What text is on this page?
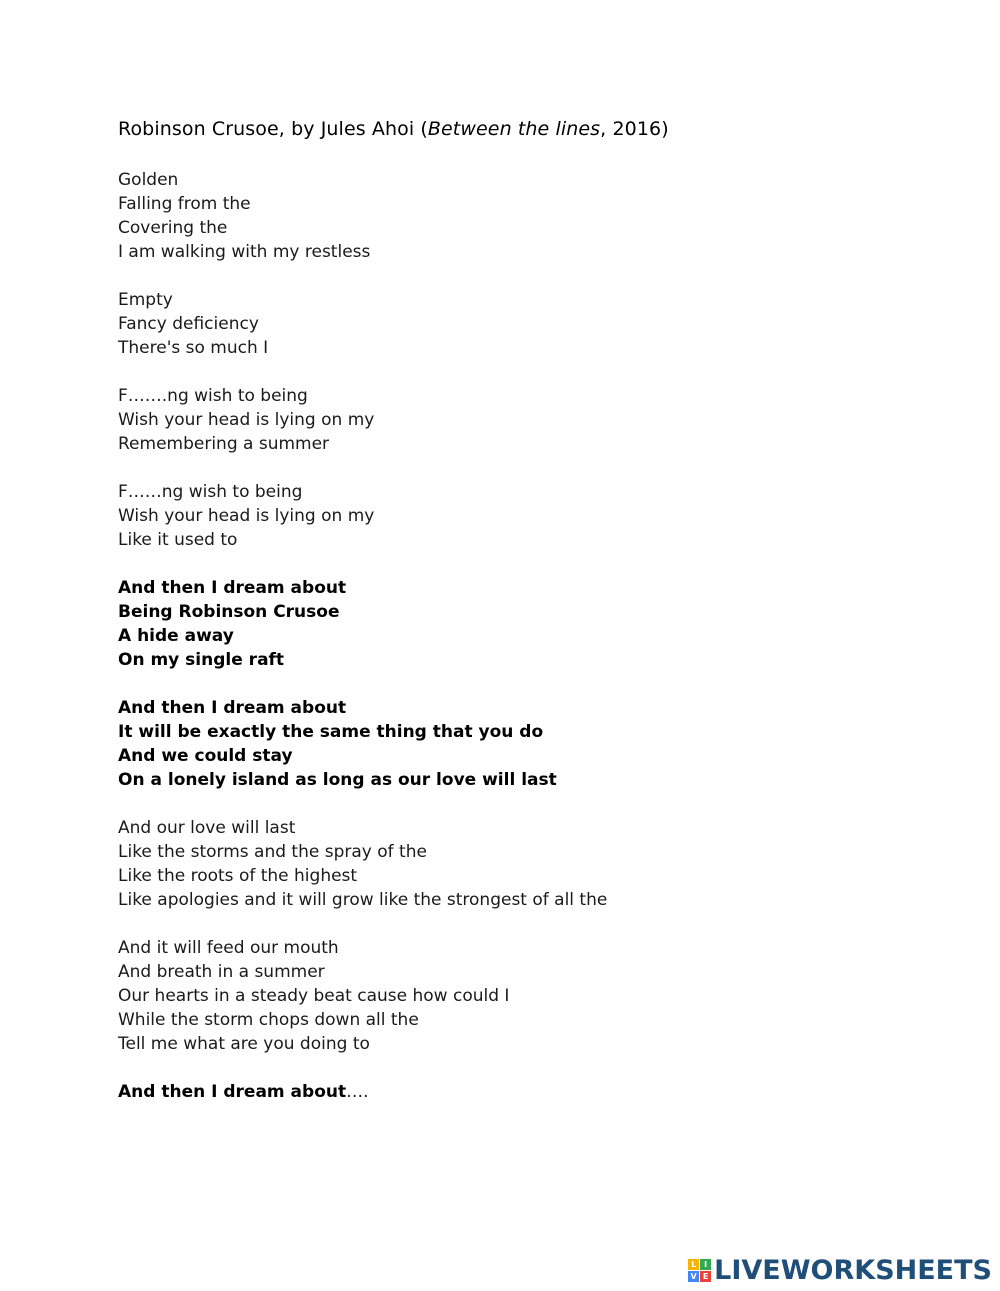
Robinson Crusoe, by Jules Ahoi (Between the lines, 2016)
Golden
Falling from the
Covering the
I am walking with my restless
Empty
Fancy deficiency
There's so much I
F…….ng wish to being
Wish your head is lying on my
Remembering a summer
F……ng wish to being
Wish your head is lying on my
Like it used to
And then I dream about
Being Robinson Crusoe
A hide away
On my single raft
And then I dream about
It will be exactly the same thing that you do
And we could stay
On a lonely island as long as our love will last
And our love will last
Like the storms and the spray of the
Like the roots of the highest
Like apologies and it will grow like the strongest of all the
And it will feed our mouth
And breath in a summer
Our hearts in a steady beat cause how could I
While the storm chops down all the
Tell me what are you doing to
And then I dream about….
L I
V E LIVEWORKSHEETS
